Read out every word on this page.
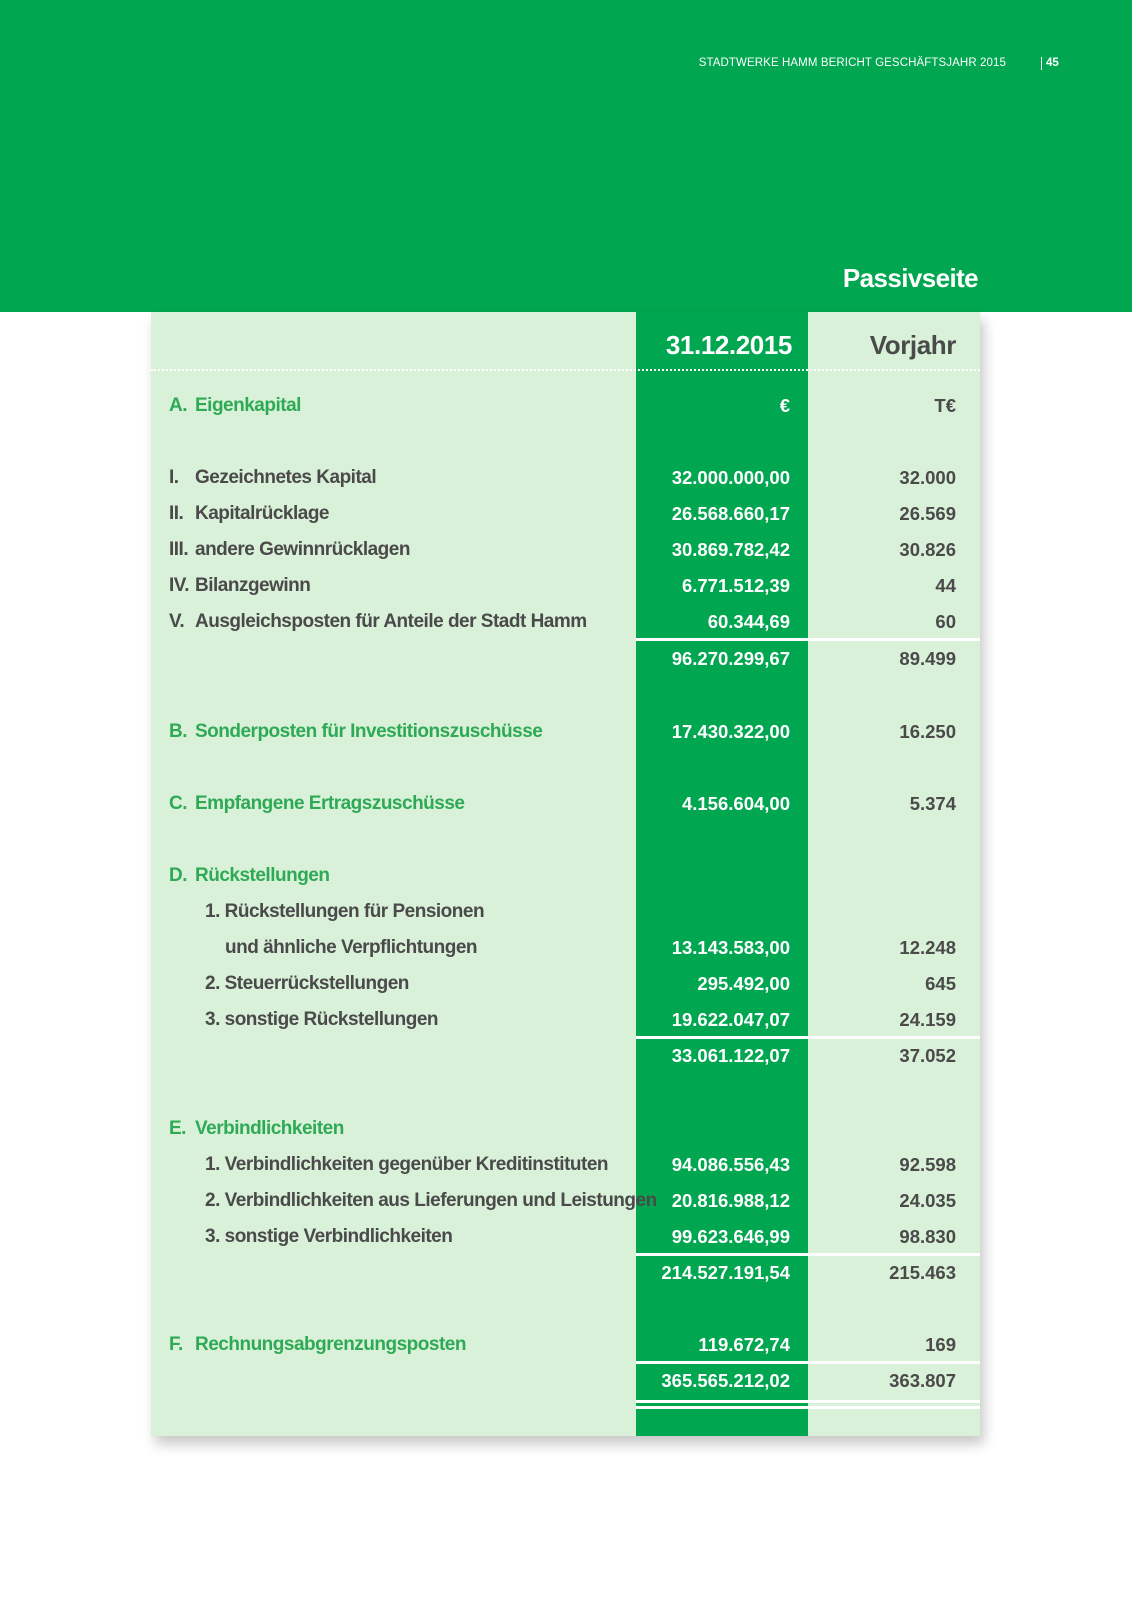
STADTWERKE HAMM BERICHT GESCHÄFTSJAHR 2015	45
Passivseite
31.12.2015	Vorjahr
A. Eigenkapital	€	T€
I. Gezeichnetes Kapital	32.000.000,00	32.000
II. Kapitalrücklage	26.568.660,17	26.569
III. andere Gewinnrücklagen	30.869.782,42	30.826
IV. Bilanzgewinn	6.771.512,39	44
V. Ausgleichsposten für Anteile der Stadt Hamm	60.344,69	60
96.270.299,67	89.499
B. Sonderposten für Investitionszuschüsse	17.430.322,00	16.250
C. Empfangene Ertragszuschüsse	4.156.604,00	5.374
D. Rückstellungen
1. Rückstellungen für Pensionen
und ähnliche Verpflichtungen	13.143.583,00	12.248
2. Steuerrückstellungen	295.492,00	645
3. sonstige Rückstellungen	19.622.047,07	24.159
33.061.122,07	37.052
E. Verbindlichkeiten
1. Verbindlichkeiten gegenüber Kreditinstituten	94.086.556,43	92.598
2. Verbindlichkeiten aus Lieferungen und Leistungen 20.816.988,12	24.035
3. sonstige Verbindlichkeiten	99.623.646,99	98.830
214.527.191,54	215.463
F. Rechnungsabgrenzungsposten	119.672,74	169
365.565.212,02	363.807
